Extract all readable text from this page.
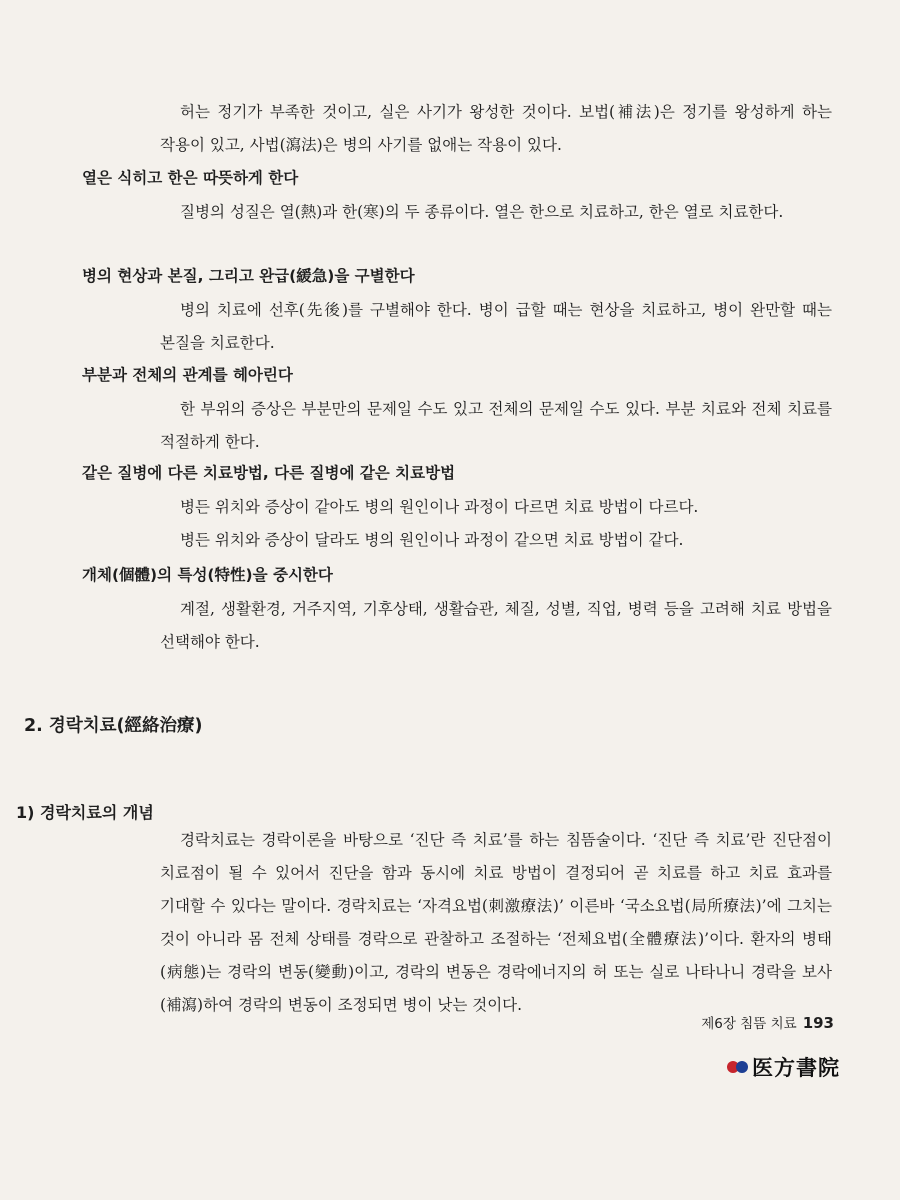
허는 정기가 부족한 것이고, 실은 사기가 왕성한 것이다. 보법(補法)은 정기를 왕성하게 하는 작용이 있고, 사법(瀉法)은 병의 사기를 없애는 작용이 있다.

열은 식히고 한은 따뜻하게 한다

질병의 성질은 열(熱)과 한(寒)의 두 종류이다. 열은 한으로 치료하고, 한은 열로 치료한다.

병의 현상과 본질, 그리고 완급(緩急)을 구별한다

병의 치료에 선후(先後)를 구별해야 한다. 병이 급할 때는 현상을 치료하고, 병이 완만할 때는 본질을 치료한다.

부분과 전체의 관계를 헤아린다

한 부위의 증상은 부분만의 문제일 수도 있고 전체의 문제일 수도 있다. 부분 치료와 전체 치료를 적절하게 한다.

같은 질병에 다른 치료방법, 다른 질병에 같은 치료방법

병든 위치와 증상이 같아도 병의 원인이나 과정이 다르면 치료 방법이 다르다.

병든 위치와 증상이 달라도 병의 원인이나 과정이 같으면 치료 방법이 같다.

개체(個體)의 특성(特性)을 중시한다

계절, 생활환경, 거주지역, 기후상태, 생활습관, 체질, 성별, 직업, 병력 등을 고려해 치료 방법을 선택해야 한다.

2. 경락치료(經絡治療)
1) 경락치료의 개념

경락치료는 경락이론을 바탕으로 ‘진단 즉 치료’를 하는 침뜸술이다. ‘진단 즉 치료’란 진단점이 치료점이 될 수 있어서 진단을 함과 동시에 치료 방법이 결정되어 곧 치료를 하고 치료 효과를 기대할 수 있다는 말이다. 경락치료는 ‘자격요법(刺激療法)’ 이른바 ‘국소요법(局所療法)’에 그치는 것이 아니라 몸 전체 상태를 경락으로 관찰하고 조절하는 ‘전체요법(全體療法)’이다. 환자의 병태(病態)는 경락의 변동(變動)이고, 경락의 변동은 경락에너지의 허 또는 실로 나타나니 경락을 보사(補瀉)하여 경락의 변동이 조정되면 병이 낫는 것이다.

제6장 침뜸 치료 193
医方書院
